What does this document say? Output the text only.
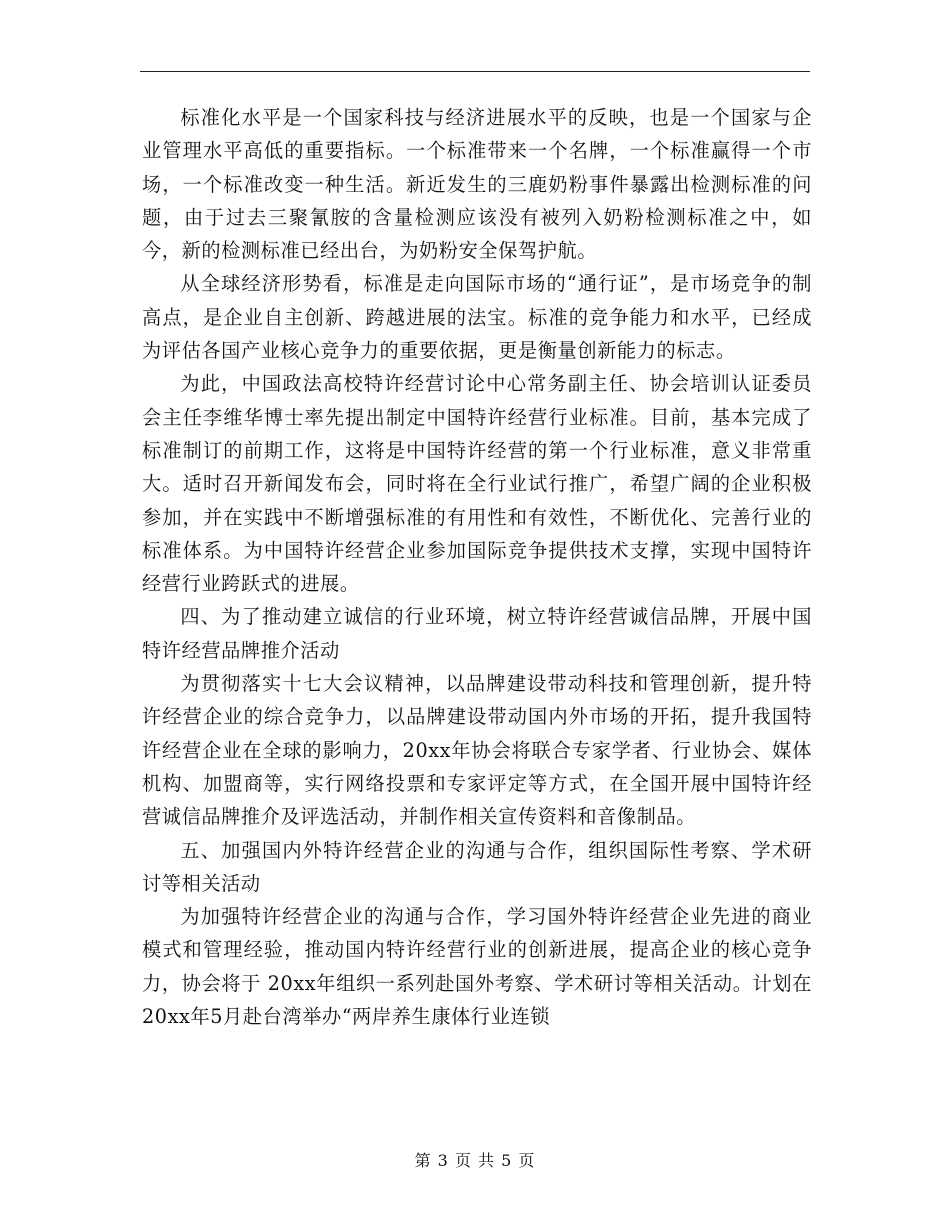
标准化水平是一个国家科技与经济进展水平的反映，也是一个国家与企业管理水平高低的重要指标。一个标准带来一个名牌，一个标准赢得一个市场，一个标准改变一种生活。新近发生的三鹿奶粉事件暴露出检测标准的问题，由于过去三聚氰胺的含量检测应该没有被列入奶粉检测标准之中，如今，新的检测标准已经出台，为奶粉安全保驾护航。

从全球经济形势看，标准是走向国际市场的“通行证”，是市场竞争的制高点，是企业自主创新、跨越进展的法宝。标准的竞争能力和水平，已经成为评估各国产业核心竞争力的重要依据，更是衡量创新能力的标志。

为此，中国政法高校特许经营讨论中心常务副主任、协会培训认证委员会主任李维华博士率先提出制定中国特许经营行业标准。目前，基本完成了标准制订的前期工作，这将是中国特许经营的第一个行业标准，意义非常重大。适时召开新闻发布会，同时将在全行业试行推广，希望广阔的企业积极参加，并在实践中不断增强标准的有用性和有效性，不断优化、完善行业的标准体系。为中国特许经营企业参加国际竞争提供技术支撑，实现中国特许经营行业跨跃式的进展。

四、为了推动建立诚信的行业环境，树立特许经营诚信品牌，开展中国特许经营品牌推介活动

为贯彻落实十七大会议精神，以品牌建设带动科技和管理创新，提升特许经营企业的综合竞争力，以品牌建设带动国内外市场的开拓，提升我国特许经营企业在全球的影响力，20xx年协会将联合专家学者、行业协会、媒体机构、加盟商等，实行网络投票和专家评定等方式，在全国开展中国特许经营诚信品牌推介及评选活动，并制作相关宣传资料和音像制品。

五、加强国内外特许经营企业的沟通与合作，组织国际性考察、学术研讨等相关活动

为加强特许经营企业的沟通与合作，学习国外特许经营企业先进的商业模式和管理经验，推动国内特许经营行业的创新进展，提高企业的核心竞争力，协会将于 20xx年组织一系列赴国外考察、学术研讨等相关活动。计划在20xx年5月赴台湾举办“两岸养生康体行业连锁

第 3 页 共 5 页
